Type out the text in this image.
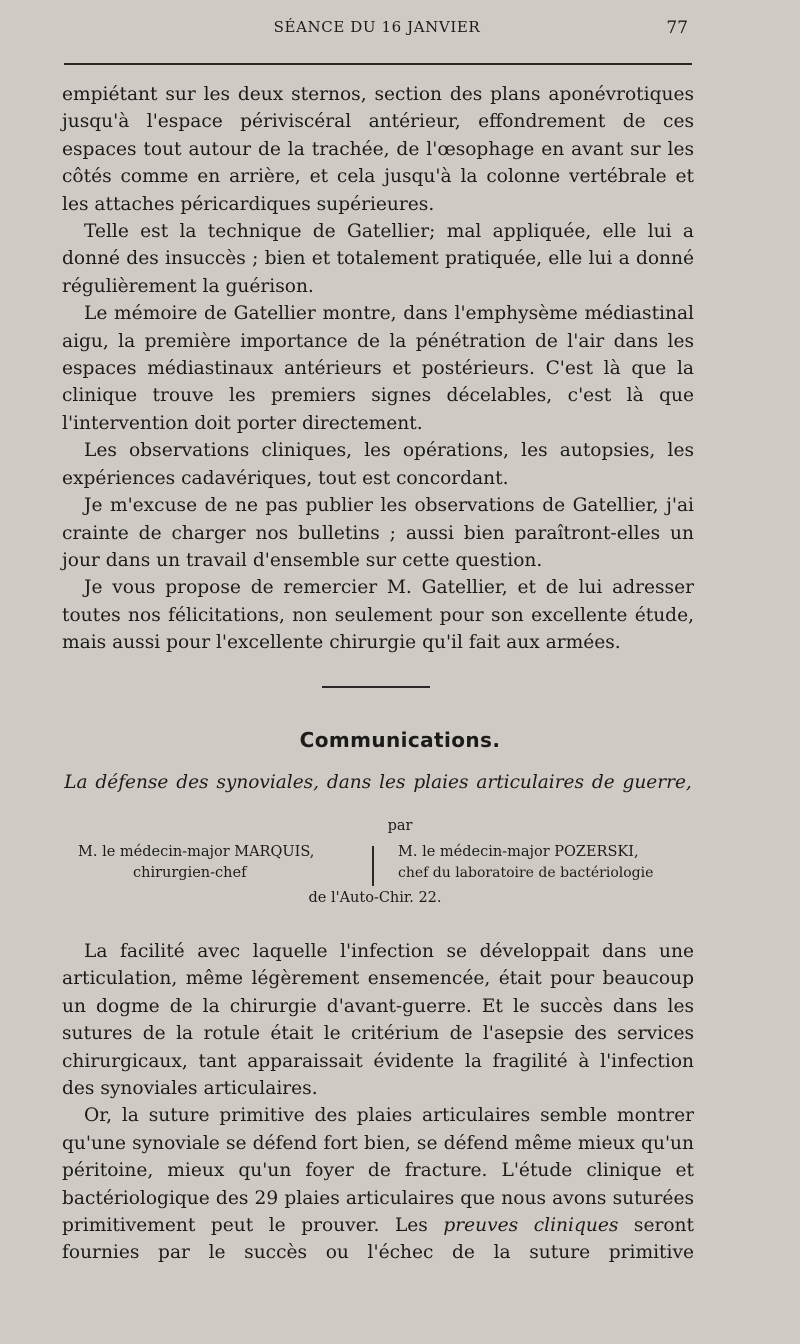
SÉANCE DU 16 JANVIER	77

empiétant sur les deux sternos, section des plans aponévrotiques jusqu'à l'espace périviscéral antérieur, effondrement de ces espaces tout autour de la trachée, de l'œsophage en avant sur les côtés comme en arrière, et cela jusqu'à la colonne vertébrale et les attaches péricardiques supérieures.

Telle est la technique de Gatellier; mal appliquée, elle lui a donné des insuccès ; bien et totalement pratiquée, elle lui a donné régulièrement la guérison.

Le mémoire de Gatellier montre, dans l'emphysème médiastinal aigu, la première importance de la pénétration de l'air dans les espaces médiastinaux antérieurs et postérieurs. C'est là que la clinique trouve les premiers signes décelables, c'est là que l'intervention doit porter directement.

Les observations cliniques, les opérations, les autopsies, les expériences cadavériques, tout est concordant.

Je m'excuse de ne pas publier les observations de Gatellier, j'ai crainte de charger nos bulletins ; aussi bien paraîtront-elles un jour dans un travail d'ensemble sur cette question.

Je vous propose de remercier M. Gatellier, et de lui adresser toutes nos félicitations, non seulement pour son excellente étude, mais aussi pour l'excellente chirurgie qu'il fait aux armées.

Communications.
La défense des synoviales, dans les plaies articulaires de guerre,
par
M. le médecin-major MARQUIS,
chirurgien-chef
M. le médecin-major POZERSKI,
chef du laboratoire de bactériologie
de l'Auto-Chir. 22.

La facilité avec laquelle l'infection se développait dans une articulation, même légèrement ensemencée, était pour beaucoup un dogme de la chirurgie d'avant-guerre. Et le succès dans les sutures de la rotule était le critérium de l'asepsie des services chirurgicaux, tant apparaissait évidente la fragilité à l'infection des synoviales articulaires.

Or, la suture primitive des plaies articulaires semble montrer qu'une synoviale se défend fort bien, se défend même mieux qu'un péritoine, mieux qu'un foyer de fracture. L'étude clinique et bactériologique des 29 plaies articulaires que nous avons suturées primitivement peut le prouver. Les preuves cliniques seront fournies par le succès ou l'échec de la suture primitive
